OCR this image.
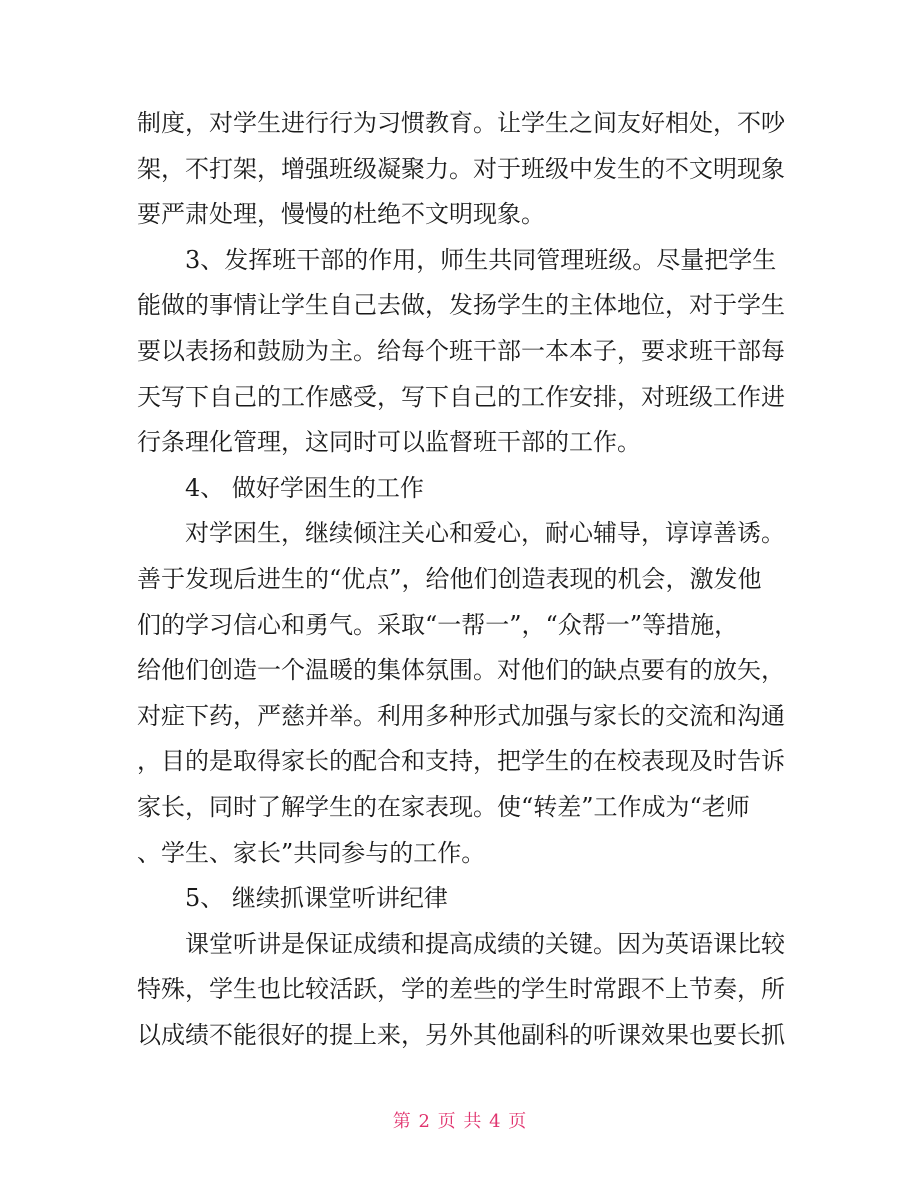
制度，对学生进行行为习惯教育。让学生之间友好相处，不吵
架，不打架，增强班级凝聚力。对于班级中发生的不文明现象
要严肃处理，慢慢的杜绝不文明现象。
3、发挥班干部的作用，师生共同管理班级。尽量把学生
能做的事情让学生自己去做，发扬学生的主体地位，对于学生
要以表扬和鼓励为主。给每个班干部一本本子，要求班干部每
天写下自己的工作感受，写下自己的工作安排，对班级工作进
行条理化管理，这同时可以监督班干部的工作。
4、 做好学困生的工作
对学困生，继续倾注关心和爱心，耐心辅导，谆谆善诱。
善于发现后进生的“优点”，给他们创造表现的机会，激发他
们的学习信心和勇气。采取“一帮一”，“众帮一”等措施，
给他们创造一个温暖的集体氛围。对他们的缺点要有的放矢，
对症下药，严慈并举。利用多种形式加强与家长的交流和沟通
，目的是取得家长的配合和支持，把学生的在校表现及时告诉
家长，同时了解学生的在家表现。使“转差”工作成为“老师
、学生、家长”共同参与的工作。
5、 继续抓课堂听讲纪律
课堂听讲是保证成绩和提高成绩的关键。因为英语课比较
特殊，学生也比较活跃，学的差些的学生时常跟不上节奏，所
以成绩不能很好的提上来，另外其他副科的听课效果也要长抓
第 2 页 共 4 页
